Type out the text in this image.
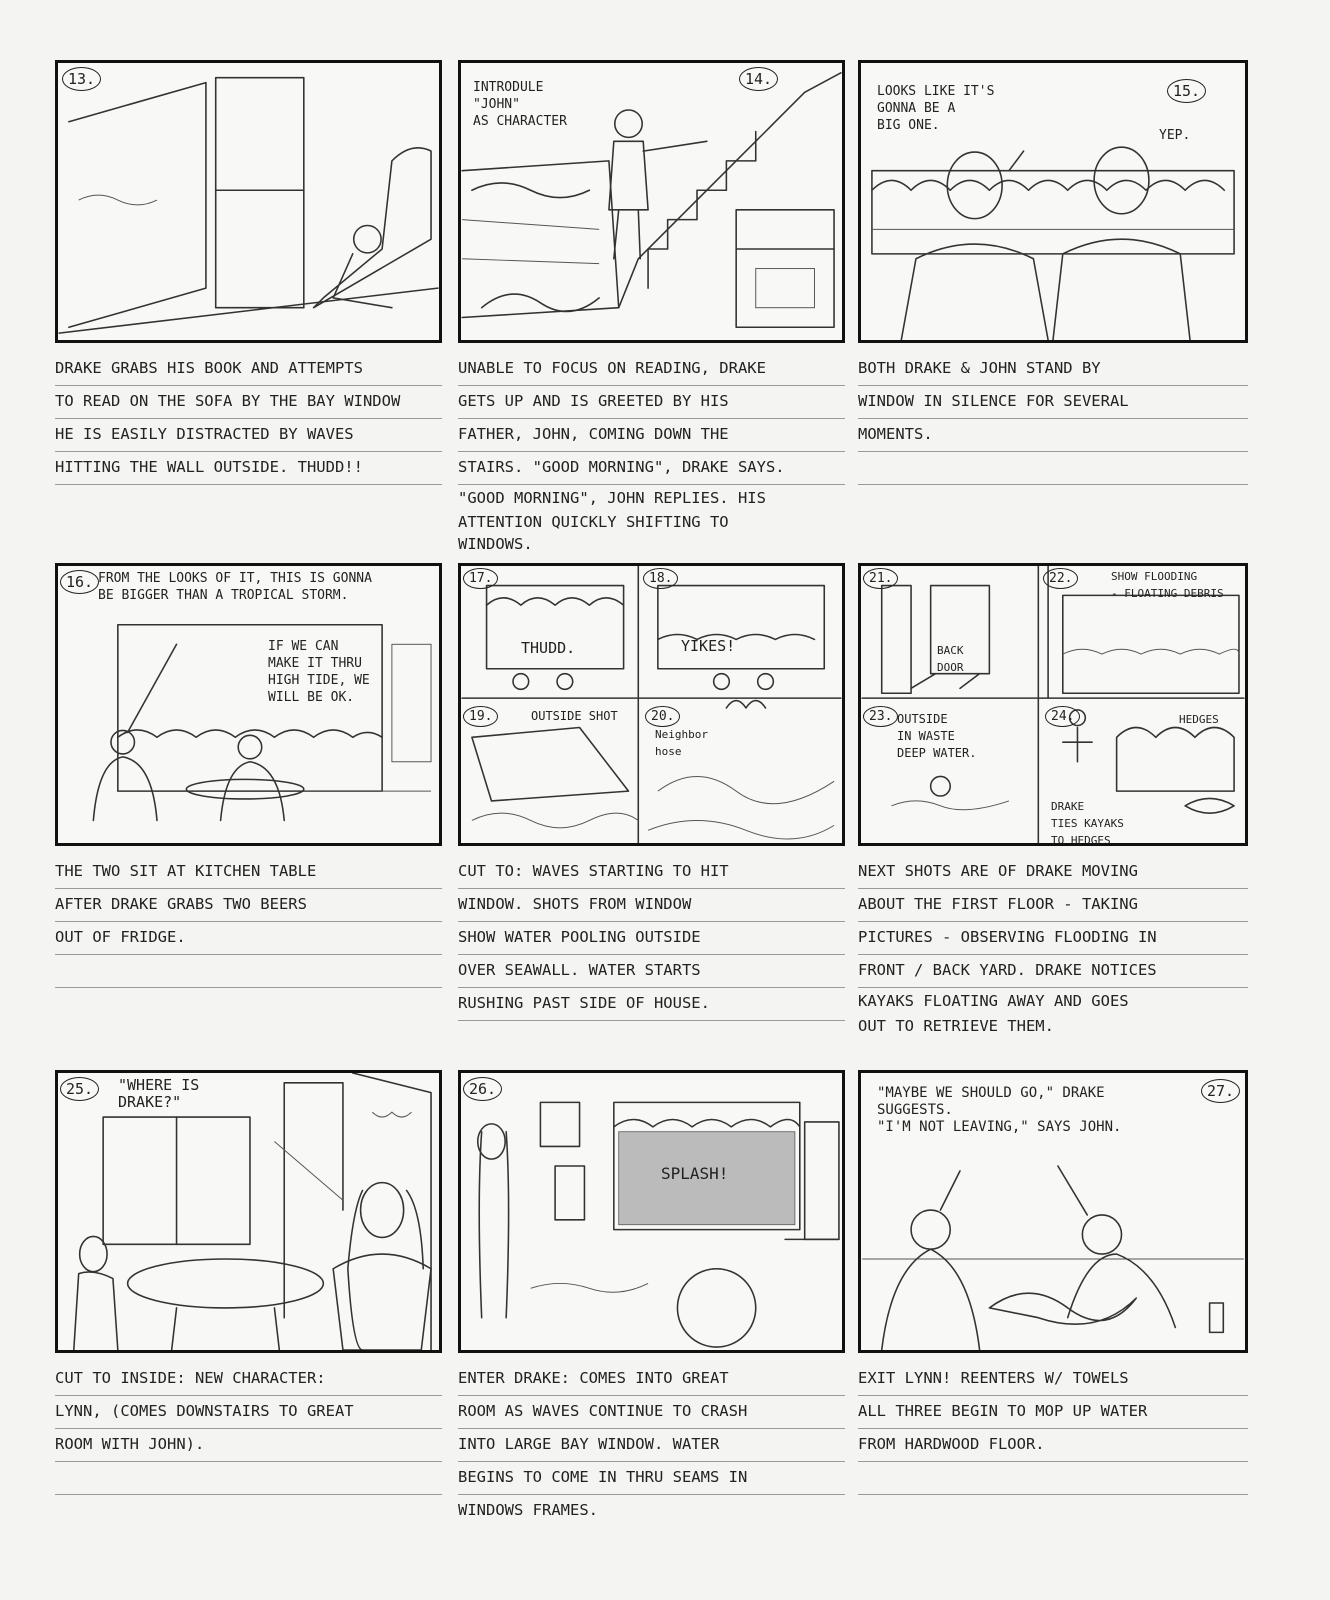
13.	INTRODULE
"JOHN"
AS CHARACTER
14.
LOOKS LIKE IT'S
GONNA BE A
BIG ONE.
YEP.
15.
16. FROM THE LOOKS OF IT, THIS IS GONNA
BE BIGGER THAN A TROPICAL STORM.
IF WE CAN
MAKE IT THRU
HIGH TIDE, WE
WILL BE OK.
17.	18.
19.	20.
THUDD.	YIKES!
OUTSIDE SHOT
Neighbor
hose
21.	22.
23.	24.
BACK
DOOR
SHOW FLOODING
- FLOATING DEBRIS
OUTSIDE
IN WASTE
DEEP WATER.
HEDGES
DRAKE
TIES KAYAKS
TO HEDGES
25.	"WHERE IS
DRAKE?"
26.
SPLASH!
"MAYBE WE SHOULD GO," DRAKE
SUGGESTS.
"I'M NOT LEAVING," SAYS JOHN.
27.
DRAKE GRABS HIS BOOK AND ATTEMPTS
TO READ ON THE SOFA BY THE BAY WINDOW
HE IS EASILY DISTRACTED BY WAVES
HITTING THE WALL OUTSIDE. THUDD!!
UNABLE TO FOCUS ON READING, DRAKE
GETS UP AND IS GREETED BY HIS
FATHER, JOHN, COMING DOWN THE
STAIRS. "GOOD MORNING", DRAKE SAYS.
"GOOD MORNING", JOHN REPLIES. HIS
ATTENTION QUICKLY SHIFTING TO
WINDOWS.
BOTH DRAKE & JOHN STAND BY
WINDOW IN SILENCE FOR SEVERAL
MOMENTS.
THE TWO SIT AT KITCHEN TABLE
AFTER DRAKE GRABS TWO BEERS
OUT OF FRIDGE.
CUT TO: WAVES STARTING TO HIT
WINDOW. SHOTS FROM WINDOW
SHOW WATER POOLING OUTSIDE
OVER SEAWALL. WATER STARTS
RUSHING PAST SIDE OF HOUSE.
NEXT SHOTS ARE OF DRAKE MOVING
ABOUT THE FIRST FLOOR - TAKING
PICTURES - OBSERVING FLOODING IN
FRONT / BACK YARD. DRAKE NOTICES
KAYAKS FLOATING AWAY AND GOES
OUT TO RETRIEVE THEM.
CUT TO INSIDE: NEW CHARACTER:
LYNN, (COMES DOWNSTAIRS TO GREAT
ROOM WITH JOHN).
ENTER DRAKE: COMES INTO GREAT
ROOM AS WAVES CONTINUE TO CRASH
INTO LARGE BAY WINDOW. WATER
BEGINS TO COME IN THRU SEAMS IN
WINDOWS FRAMES.
EXIT LYNN! REENTERS W/ TOWELS
ALL THREE BEGIN TO MOP UP WATER
FROM HARDWOOD FLOOR.
